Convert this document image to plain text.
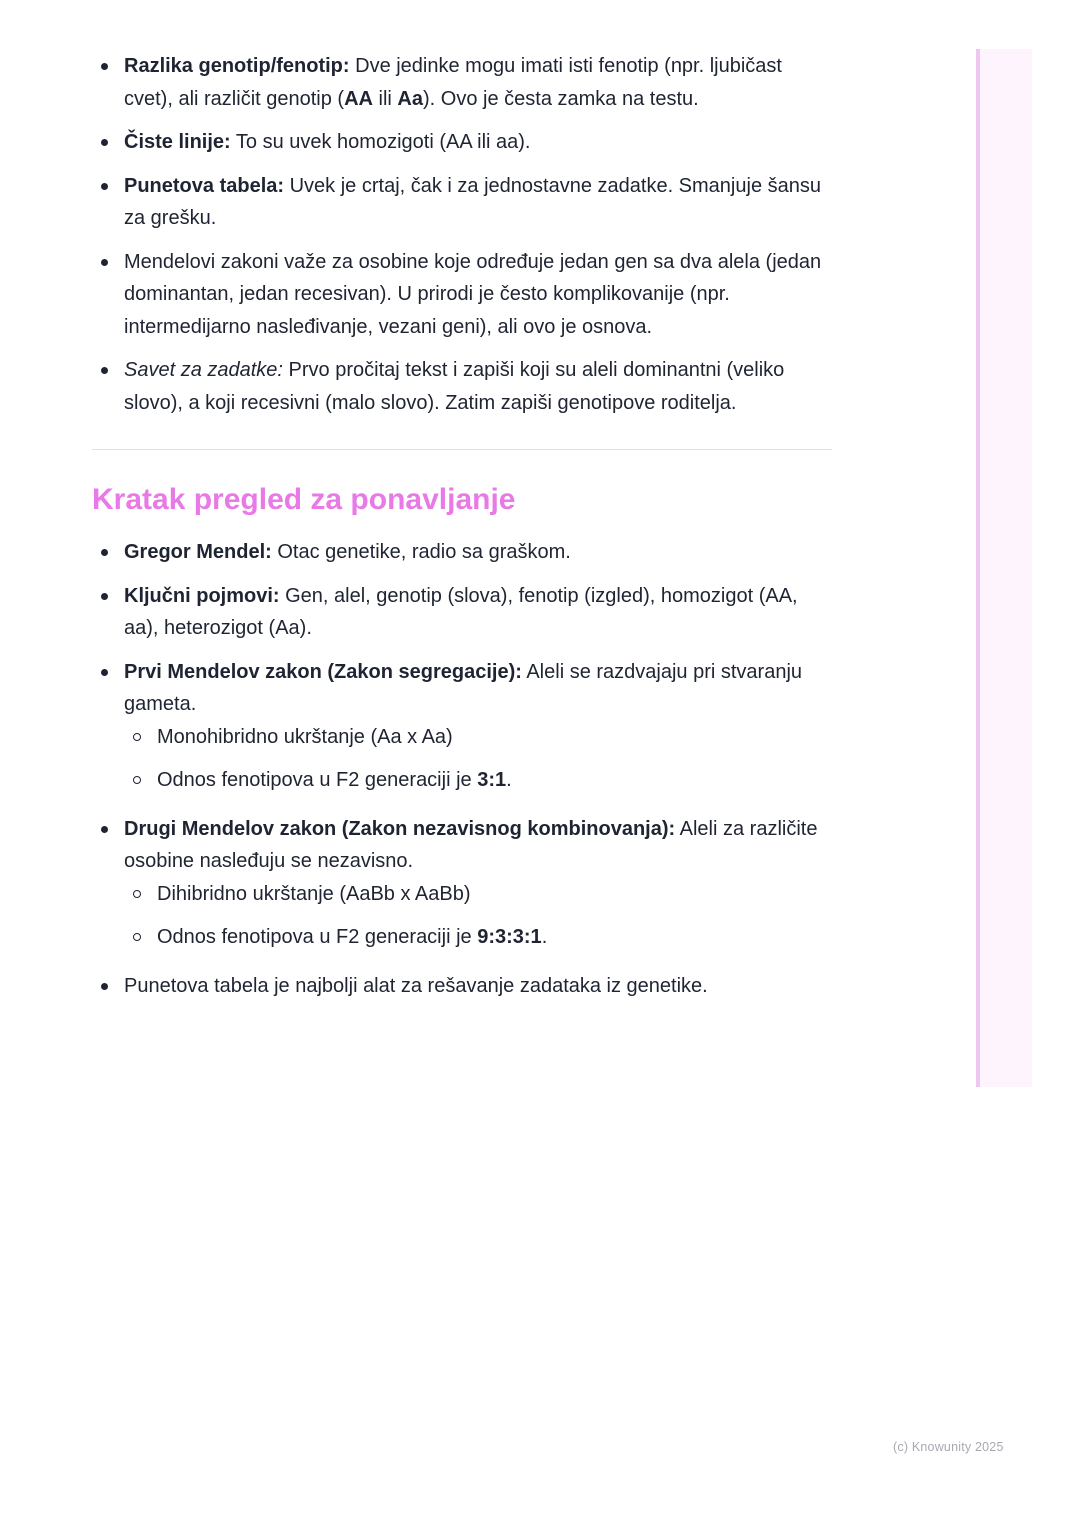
Razlika genotip/fenotip: Dve jedinke mogu imati isti fenotip (npr. ljubičast cvet), ali različit genotip (AA ili Aa). Ovo je česta zamka na testu.
Čiste linije: To su uvek homozigoti (AA ili aa).
Punetova tabela: Uvek je crtaj, čak i za jednostavne zadatke. Smanjuje šansu za grešku.
Mendelovi zakoni važe za osobine koje određuje jedan gen sa dva alela (jedan dominantan, jedan recesivan). U prirodi je često komplikovanije (npr. intermedijarno nasleđivanje, vezani geni), ali ovo je osnova.
Savet za zadatke: Prvo pročitaj tekst i zapiši koji su aleli dominantni (veliko slovo), a koji recesivni (malo slovo). Zatim zapiši genotipove roditelja.
Kratak pregled za ponavljanje
Gregor Mendel: Otac genetike, radio sa graškom.
Ključni pojmovi: Gen, alel, genotip (slova), fenotip (izgled), homozigot (AA, aa), heterozigot (Aa).
Prvi Mendelov zakon (Zakon segregacije): Aleli se razdvajaju pri stvaranju gameta.
Monohibridno ukrštanje (Aa x Aa)
Odnos fenotipova u F2 generaciji je 3:1.
Drugi Mendelov zakon (Zakon nezavisnog kombinovanja): Aleli za različite osobine nasleđuju se nezavisno.
Dihibridno ukrštanje (AaBb x AaBb)
Odnos fenotipova u F2 generaciji je 9:3:3:1.
Punetova tabela je najbolji alat za rešavanje zadataka iz genetike.
(c) Knowunity 2025
